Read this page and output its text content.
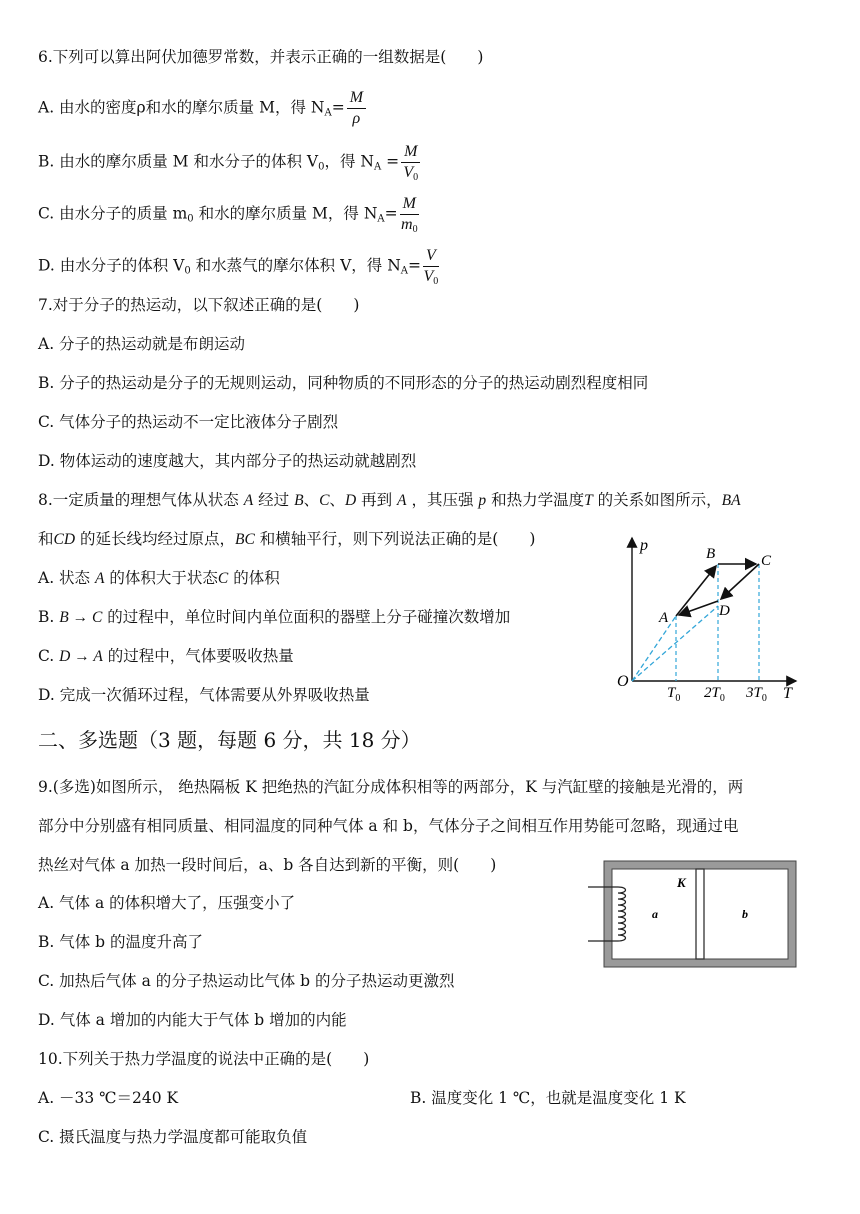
6.下列可以算出阿伏加德罗常数，并表示正确的一组数据是(　　)
A. 由水的密度ρ和水的摩尔质量 M，得 $N_A= \frac{M}{\rho}$
B. 由水的摩尔质量 M 和水分子的体积 $V_0$，得 $N_A = \frac{M}{V_0}$
C. 由水分子的质量 $m_0$ 和水的摩尔质量 M，得 $N_A= \frac{M}{m_0}$
D. 由水分子的体积 $V_0$ 和水蒸气的摩尔体积 V，得 $N_A= \frac{V}{V_0}$
7.对于分子的热运动，以下叙述正确的是(　　)
A. 分子的热运动就是布朗运动
B. 分子的热运动是分子的无规则运动，同种物质的不同形态的分子的热运动剧烈程度相同
C. 气体分子的热运动不一定比液体分子剧烈
D. 物体运动的速度越大，其内部分子的热运动就越剧烈
8.一定质量的理想气体从状态 A 经过 B、C、D 再到 A ，其压强 p 和热力学温度T 的关系如图所示，BA
和CD 的延长线均经过原点，BC 和横轴平行，则下列说法正确的是(　　)
A. 状态 A 的体积大于状态C 的体积
B. B → C 的过程中，单位时间内单位面积的器壁上分子碰撞次数增加
C. D → A 的过程中，气体要吸收热量
D. 完成一次循环过程，气体需要从外界吸收热量
p
T
O
A
B	C
D
$T_0$ $2T_0$ $3T_0$
二、多选题（3 题，每题 6 分，共 18 分）
9.(多选)如图所示， 绝热隔板 K 把绝热的汽缸分成体积相等的两部分，K 与汽缸壁的接触是光滑的，两
部分中分别盛有相同质量、相同温度的同种气体 a 和 b，气体分子之间相互作用势能可忽略，现通过电
热丝对气体 a 加热一段时间后，a、b 各自达到新的平衡，则(　　)
A. 气体 a 的体积增大了，压强变小了
B. 气体 b 的温度升高了
C. 加热后气体 a 的分子热运动比气体 b 的分子热运动更激烈
D. 气体 a 增加的内能大于气体 b 增加的内能
K
a	b
10.下列关于热力学温度的说法中正确的是(　　)
A. －33 ℃＝240 K	B. 温度变化 1 ℃，也就是温度变化 1 K
C. 摄氏温度与热力学温度都可能取负值
